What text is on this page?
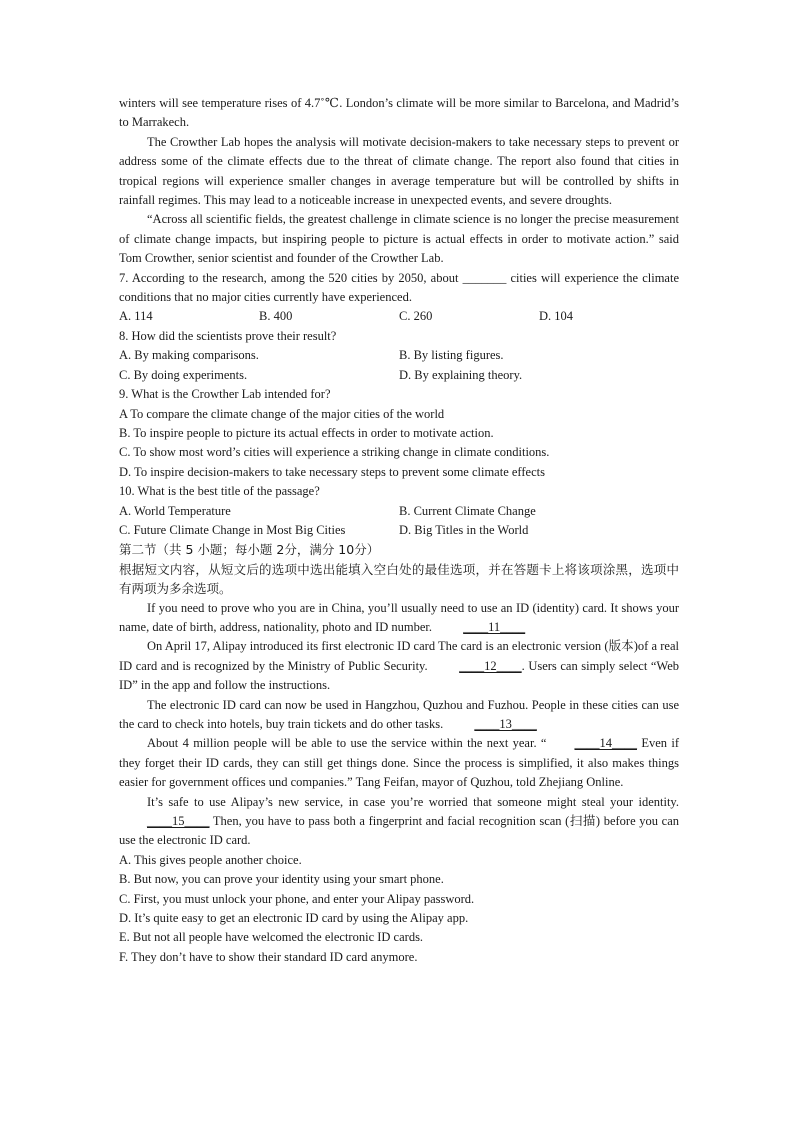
winters will see temperature rises of 4.7˚℃. London’s climate will be more similar to Barcelona, and Madrid’s to Marrakech.

The Crowther Lab hopes the analysis will motivate decision-makers to take necessary steps to prevent or address some of the climate effects due to the threat of climate change. The report also found that cities in tropical regions will experience smaller changes in average temperature but will be controlled by shifts in rainfall regimes. This may lead to a noticeable increase in unexpected events, and severe droughts.

“Across all scientific fields, the greatest challenge in climate science is no longer the precise measurement of climate change impacts, but inspiring people to picture is actual effects in order to motivate action.” said Tom Crowther, senior scientist and founder of the Crowther Lab.

7. According to the research, among the 520 cities by 2050, about _______ cities will experience the climate conditions that no major cities currently have experienced.

A. 114	B. 400	C. 260	D. 104

8. How did the scientists prove their result?

A. By making comparisons.	B. By listing figures.
C. By doing experiments.	D. By explaining theory.

9. What is the Crowther Lab intended for?

A To compare the climate change of the major cities of the world

B. To inspire people to picture its actual effects in order to motivate action.

C. To show most word’s cities will experience a striking change in climate conditions.

D. To inspire decision-makers to take necessary steps to prevent some climate effects

10. What is the best title of the passage?

A. World Temperature	B. Current Climate Change
C. Future Climate Change in Most Big Cities	D. Big Titles in the World

第二节（共 5 小题；每小题 2分，满分 10分）

根据短文内容，从短文后的选项中选出能填入空白处的最佳选项，并在答题卡上将该项涂黑，选项中有两项为多余选项。

If you need to prove who you are in China, you’ll usually need to use an ID (identity) card. It shows your name, date of birth, address, nationality, photo and ID number. ____11____

On April 17, Alipay introduced its first electronic ID card The card is an electronic version (版本)of a real ID card and is recognized by the Ministry of Public Security. ____12____. Users can simply select “Web ID” in the app and follow the instructions.

The electronic ID card can now be used in Hangzhou, Quzhou and Fuzhou. People in these cities can use the card to check into hotels, buy train tickets and do other tasks. ____13____

About 4 million people will be able to use the service within the next year. “ ____14____ Even if they forget their ID cards, they can still get things done. Since the process is simplified, it also makes things easier for government offices und companies.” Tang Feifan, mayor of Quzhou, told Zhejiang Online.

It’s safe to use Alipay’s new service, in case you’re worried that someone might steal your identity. ____15____ Then, you have to pass both a fingerprint and facial recognition scan (扫描) before you can use the electronic ID card.

A. This gives people another choice.

B. But now, you can prove your identity using your smart phone.

C. First, you must unlock your phone, and enter your Alipay password.

D. It’s quite easy to get an electronic ID card by using the Alipay app.

E. But not all people have welcomed the electronic ID cards.

F. They don’t have to show their standard ID card anymore.
